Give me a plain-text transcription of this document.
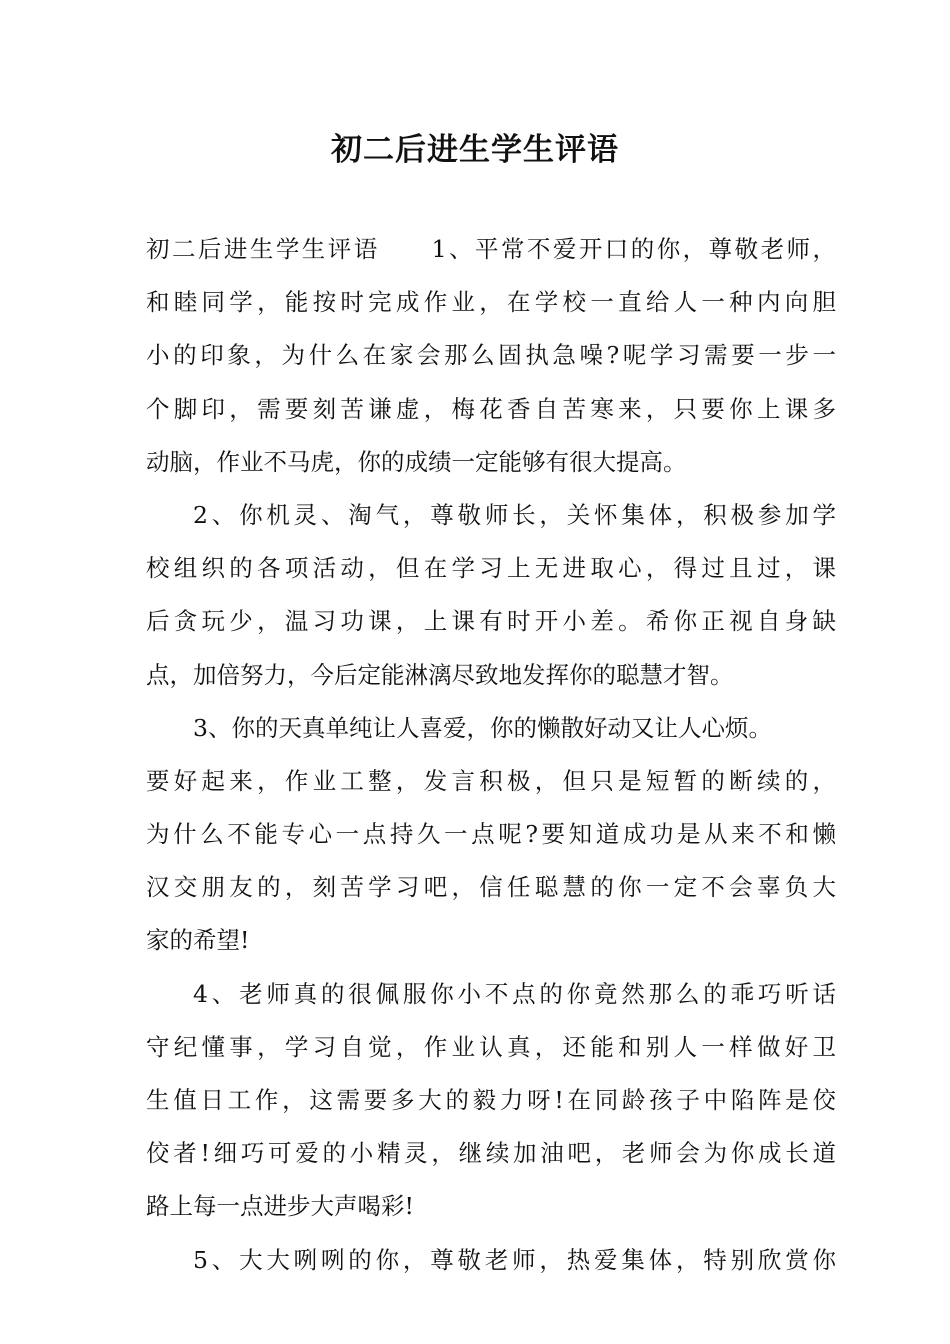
初二后进生学生评语
初二后进生学生评语　　1、平常不爱开口的你，尊敬老师，
和睦同学，能按时完成作业，在学校一直给人一种内向胆
小的印象，为什么在家会那么固执急噪?呢学习需要一步一
个脚印，需要刻苦谦虚，梅花香自苦寒来，只要你上课多
动脑，作业不马虎，你的成绩一定能够有很大提高。
2、你机灵、淘气，尊敬师长，关怀集体，积极参加学
校组织的各项活动，但在学习上无进取心，得过且过，课
后贪玩少，温习功课，上课有时开小差。希你正视自身缺
点，加倍努力，今后定能淋漓尽致地发挥你的聪慧才智。
3、你的天真单纯让人喜爱，你的懒散好动又让人心烦。
要好起来，作业工整，发言积极，但只是短暂的断续的，
为什么不能专心一点持久一点呢?要知道成功是从来不和懒
汉交朋友的，刻苦学习吧，信任聪慧的你一定不会辜负大
家的希望!
4、老师真的很佩服你小不点的你竟然那么的乖巧听话
守纪懂事，学习自觉，作业认真，还能和别人一样做好卫
生值日工作，这需要多大的毅力呀!在同龄孩子中陷阵是佼
佼者!细巧可爱的小精灵，继续加油吧，老师会为你成长道
路上每一点进步大声喝彩!
5、大大咧咧的你，尊敬老师，热爱集体，特别欣赏你
